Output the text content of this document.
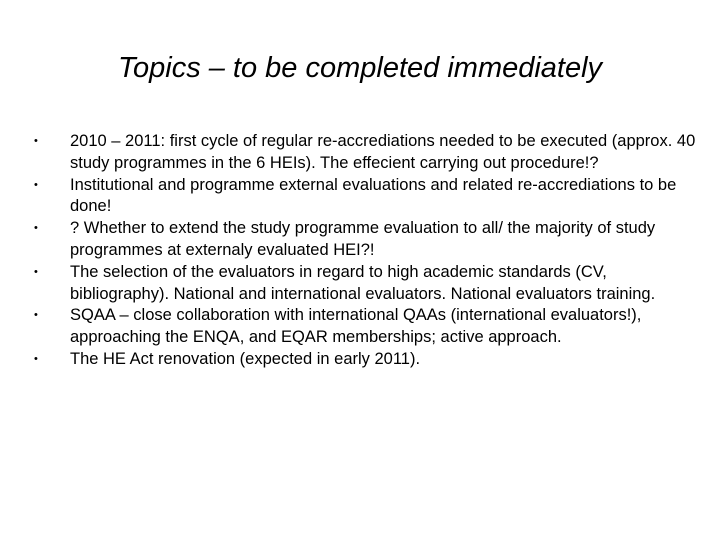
Topics – to be completed immediately
• 2010 – 2011: first cycle of regular re-accrediations needed to be executed (approx. 40 study programmes in the 6 HEIs). The effecient carrying out procedure!?
• Institutional and programme external evaluations and related re-accrediations to be done!
• ? Whether to extend the study programme evaluation to all/ the majority of study programmes at externaly evaluated HEI?!
• The selection of the evaluators in regard to high academic standards (CV, bibliography). National and international evaluators. National evaluators training.
• SQAA – close collaboration with international QAAs (international evaluators!), approaching the ENQA, and EQAR memberships; active approach.
• The HE Act renovation (expected in early 2011).
